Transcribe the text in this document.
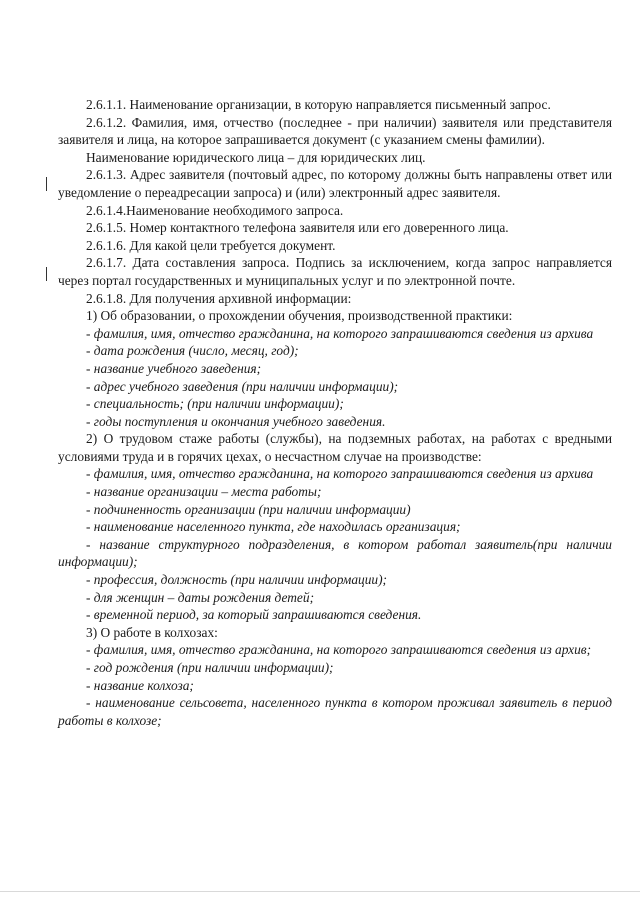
2.6.1.1. Наименование организации, в которую направляется письменный запрос.

2.6.1.2. Фамилия, имя, отчество (последнее - при наличии) заявителя или представителя заявителя и лица, на которое запрашивается документ (с указанием смены фамилии).

Наименование юридического лица – для юридических лиц.

2.6.1.3. Адрес заявителя (почтовый адрес, по которому должны быть направлены ответ или уведомление о переадресации запроса) и (или) электронный адрес заявителя.

2.6.1.4.Наименование необходимого запроса.

2.6.1.5. Номер контактного телефона заявителя или его доверенного лица.

2.6.1.6. Для какой цели требуется документ.

2.6.1.7. Дата составления запроса. Подпись за исключением, когда запрос направляется через портал государственных и муниципальных услуг и по электронной почте.

2.6.1.8. Для получения архивной информации:

1) Об образовании, о прохождении обучения, производственной практики:

- фамилия, имя, отчество гражданина, на которого запрашиваются сведения из архива

- дата рождения (число, месяц, год);

- название учебного заведения;

- адрес учебного заведения (при наличии информации);

- специальность; (при наличии информации);

- годы поступления и окончания учебного заведения.

2) О трудовом стаже работы (службы), на подземных работах, на работах с вредными условиями труда и в горячих цехах, о несчастном случае на производстве:

- фамилия, имя, отчество гражданина, на которого запрашиваются сведения из архива

- название организации – места работы;

- подчиненность организации (при наличии информации)

- наименование населенного пункта, где находилась организация;

- название структурного подразделения, в котором работал заявитель(при наличии информации);

- профессия, должность (при наличии информации);

- для женщин – даты рождения детей;

- временной период, за который запрашиваются сведения.

3) О работе в колхозах:

- фамилия, имя, отчество гражданина, на которого запрашиваются сведения из архив;

- год рождения (при наличии информации);

- название колхоза;

- наименование сельсовета, населенного пункта в котором проживал заявитель в период работы в колхозе;
